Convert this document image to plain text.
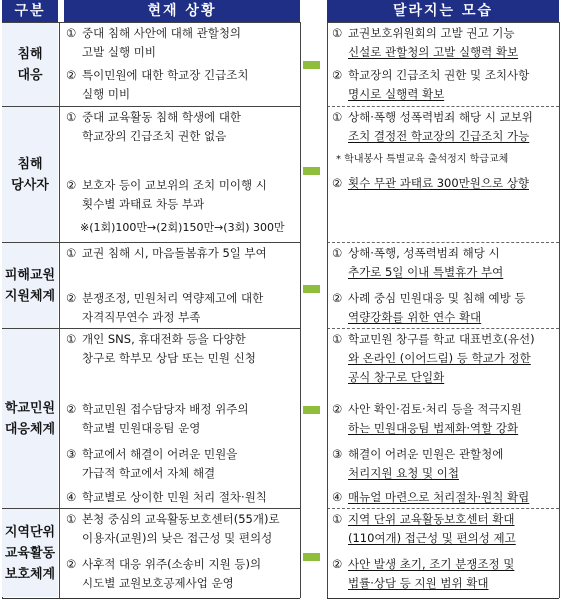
구분	현재 상황	달라지는 모습
침해
대응
침해
당사자
피해교원
지원체계
학교민원
대응체계
지역단위
교육활동
보호체계
① 중대 침해 사안에 대해 관할청의
고발 실행 미비
② 특이민원에 대한 학교장 긴급조치
실행 미비
① 교권보호위원회의 고발 권고 기능
신설로 관할청의 고발 실행력 확보
② 학교장의 긴급조치 권한 및 조치사항
명시로 실행력 확보
① 중대 교육활동 침해 학생에 대한
학교장의 긴급조치 권한 없음
② 보호자 등이 교보위의 조치 미이행 시
횟수별 과태료 차등 부과
※(1회)100만→(2회)150만→(3회) 300만
① 상해·폭행 성폭력범죄 해당 시 교보위
조치 결정전 학교장의 긴급조치 가능
* 학내봉사 특별교육 출석정지 학급교체
② 횟수 무관 과태료 300만원으로 상향
① 교권 침해 시, 마음돌봄휴가 5일 부여
② 분쟁조정, 민원처리 역량제고에 대한
자격직무연수 과정 부족
① 상해·폭행, 성폭력범죄 해당 시
추가로 5일 이내 특별휴가 부여
② 사례 중심 민원대응 및 침해 예방 등
역량강화를 위한 연수 확대
① 개인 SNS, 휴대전화 등을 다양한
창구로 학부모 상담 또는 민원 신청
② 학교민원 접수담당자 배정 위주의
학교별 민원대응팀 운영
③ 학교에서 해결이 어려운 민원을
가급적 학교에서 자체 해결
④ 학교별로 상이한 민원 처리 절차·원칙
① 학교민원 창구를 학교 대표번호(유선)
와 온라인 (이어드림) 등 학교가 정한
공식 창구로 단일화
② 사안 확인·검토·처리 등을 적극지원
하는 민원대응팀 법제화·역할 강화
③ 해결이 어려운 민원은 관할청에
처리지원 요청 및 이첩
④ 매뉴얼 마련으로 처리절차·원칙 확립
① 본청 중심의 교육활동보호센터(55개)로
이용자(교원)의 낮은 접근성 및 편의성
② 사후적 대응 위주(소송비 지원 등)의
시도별 교원보호공제사업 운영
① 지역 단위 교육활동보호센터 확대
(110여개) 접근성 및 편의성 제고
② 사안 발생 초기, 조기 분쟁조정 및
법률·상담 등 지원 범위 확대
